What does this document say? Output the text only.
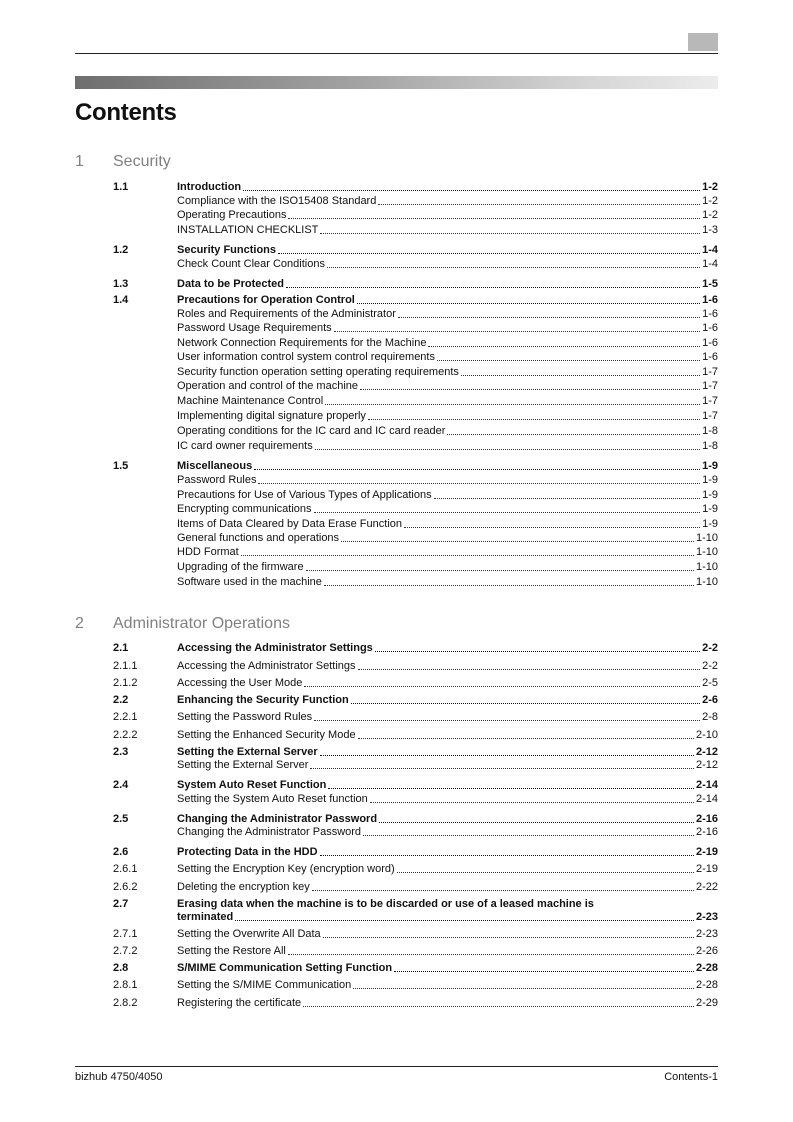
Contents
1 Security
1.1	Introduction	1-2
Compliance with the ISO15408 Standard	1-2
Operating Precautions	1-2
INSTALLATION CHECKLIST	1-3
1.2	Security Functions	1-4
Check Count Clear Conditions	1-4
1.3	Data to be Protected	1-5
1.4	Precautions for Operation Control	1-6
Roles and Requirements of the Administrator	1-6
Password Usage Requirements	1-6
Network Connection Requirements for the Machine	1-6
User information control system control requirements	1-6
Security function operation setting operating requirements	1-7
Operation and control of the machine	1-7
Machine Maintenance Control	1-7
Implementing digital signature properly	1-7
Operating conditions for the IC card and IC card reader	1-8
IC card owner requirements	1-8
1.5	Miscellaneous	1-9
Password Rules	1-9
Precautions for Use of Various Types of Applications	1-9
Encrypting communications	1-9
Items of Data Cleared by Data Erase Function	1-9
General functions and operations	1-10
HDD Format	1-10
Upgrading of the firmware	1-10
Software used in the machine	1-10
2 Administrator Operations
2.1	Accessing the Administrator Settings	2-2
2.1.1	Accessing the Administrator Settings	2-2
2.1.2	Accessing the User Mode	2-5
2.2	Enhancing the Security Function	2-6
2.2.1	Setting the Password Rules	2-8
2.2.2	Setting the Enhanced Security Mode	2-10
2.3	Setting the External Server	2-12
Setting the External Server	2-12
2.4	System Auto Reset Function	2-14
Setting the System Auto Reset function	2-14
2.5	Changing the Administrator Password	2-16
Changing the Administrator Password	2-16
2.6	Protecting Data in the HDD	2-19
2.6.1	Setting the Encryption Key (encryption word)	2-19
2.6.2	Deleting the encryption key	2-22
2.7	Erasing data when the machine is to be discarded or use of a leased machine is
terminated	2-23
2.7.1	Setting the Overwrite All Data	2-23
2.7.2	Setting the Restore All	2-26
2.8	S/MIME Communication Setting Function	2-28
2.8.1	Setting the S/MIME Communication	2-28
2.8.2	Registering the certificate	2-29
bizhub 4750/4050	Contents-1
